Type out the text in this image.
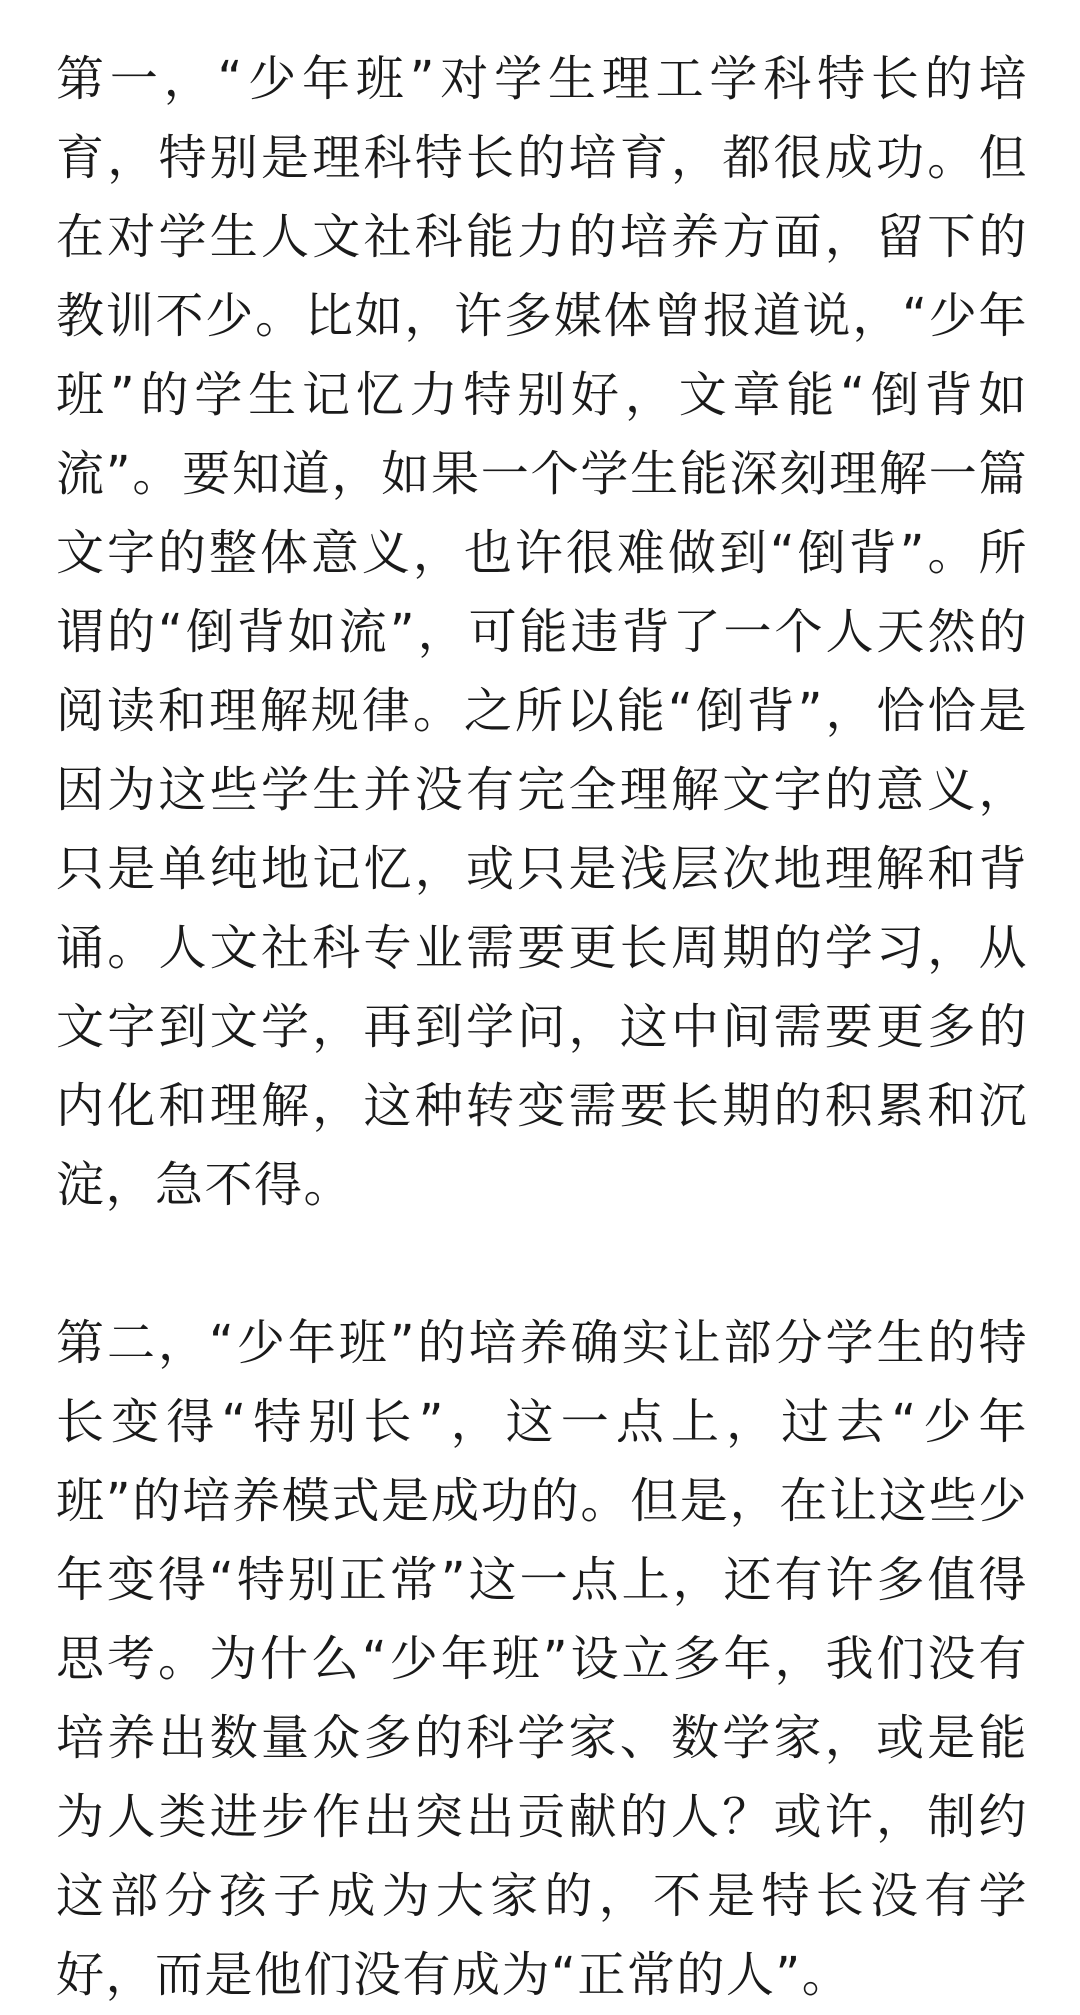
第一，“少年班”对学生理工学科特长的培育，特别是理科特长的培育，都很成功。但在对学生人文社科能力的培养方面，留下的教训不少。比如，许多媒体曾报道说，“少年班”的学生记忆力特别好，文章能“倒背如流”。要知道，如果一个学生能深刻理解一篇文字的整体意义，也许很难做到“倒背”。所谓的“倒背如流”，可能违背了一个人天然的阅读和理解规律。之所以能“倒背”，恰恰是因为这些学生并没有完全理解文字的意义，只是单纯地记忆，或只是浅层次地理解和背诵。人文社科专业需要更长周期的学习，从文字到文学，再到学问，这中间需要更多的内化和理解，这种转变需要长期的积累和沉淀，急不得。

第二，“少年班”的培养确实让部分学生的特长变得“特别长”，这一点上，过去“少年班”的培养模式是成功的。但是，在让这些少年变得“特别正常”这一点上，还有许多值得思考。为什么“少年班”设立多年，我们没有培养出数量众多的科学家、数学家，或是能为人类进步作出突出贡献的人？或许，制约这部分孩子成为大家的，不是特长没有学好，而是他们没有成为“正常的人”。
